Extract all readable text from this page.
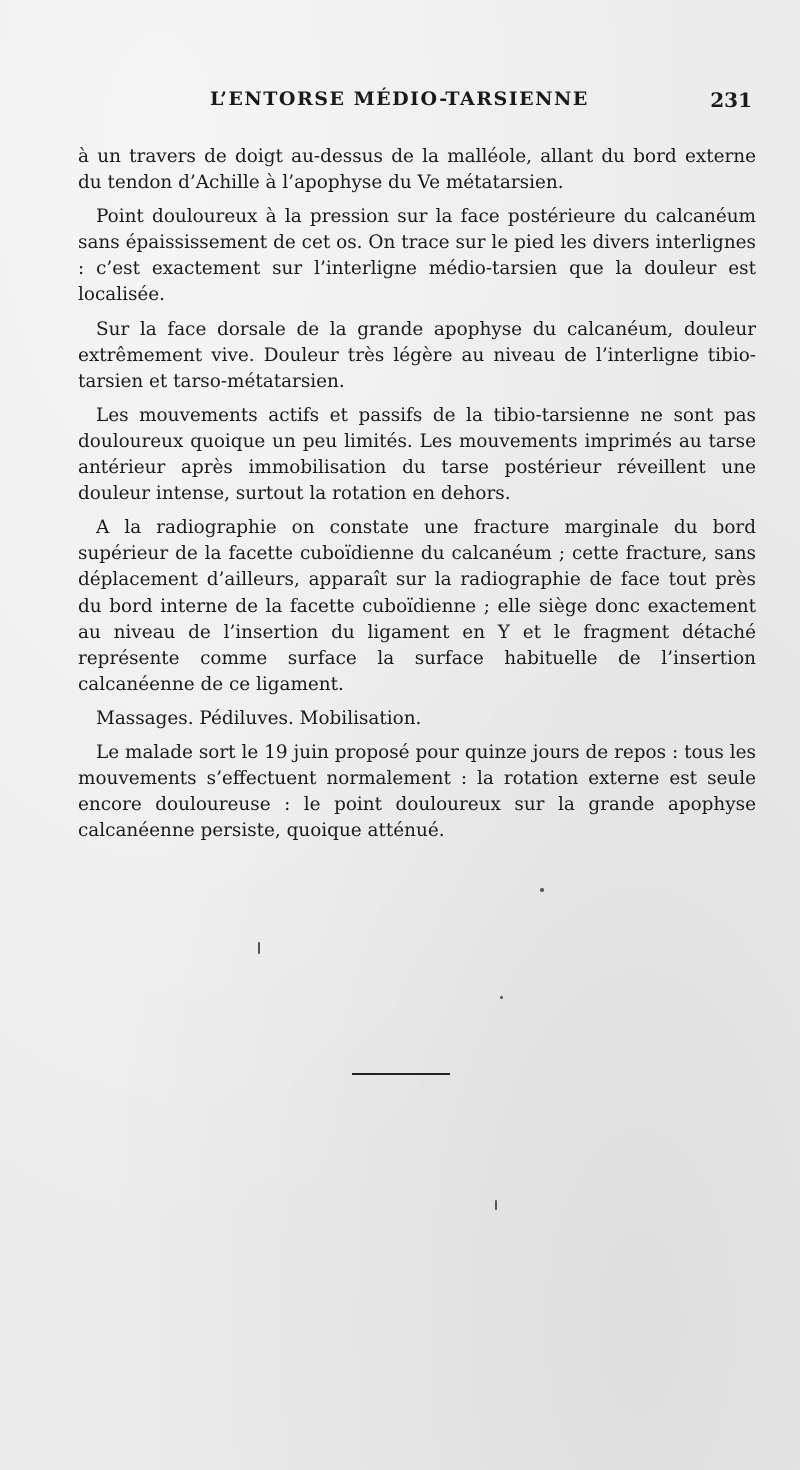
L’ENTORSE MÉDIO-TARSIENNE	231

à un travers de doigt au-dessus de la malléole, allant du bord externe du tendon d’Achille à l’apophyse du Ve métatarsien.

Point douloureux à la pression sur la face postérieure du calcanéum sans épaississement de cet os. On trace sur le pied les divers interlignes : c’est exactement sur l’interligne médio-tarsien que la douleur est localisée.

Sur la face dorsale de la grande apophyse du calcanéum, douleur extrêmement vive. Douleur très légère au niveau de l’interligne tibio-tarsien et tarso-métatarsien.

Les mouvements actifs et passifs de la tibio-tarsienne ne sont pas douloureux quoique un peu limités. Les mouvements imprimés au tarse antérieur après immobilisation du tarse postérieur réveillent une douleur intense, surtout la rotation en dehors.

A la radiographie on constate une fracture marginale du bord supérieur de la facette cuboïdienne du calcanéum ; cette fracture, sans déplacement d’ailleurs, apparaît sur la radiographie de face tout près du bord interne de la facette cuboïdienne ; elle siège donc exactement au niveau de l’insertion du ligament en Y et le fragment détaché représente comme surface la surface habituelle de l’insertion calcanéenne de ce ligament.

Massages. Pédiluves. Mobilisation.

Le malade sort le 19 juin proposé pour quinze jours de repos : tous les mouvements s’effectuent normalement : la rotation externe est seule encore douloureuse : le point douloureux sur la grande apophyse calcanéenne persiste, quoique atténué.
